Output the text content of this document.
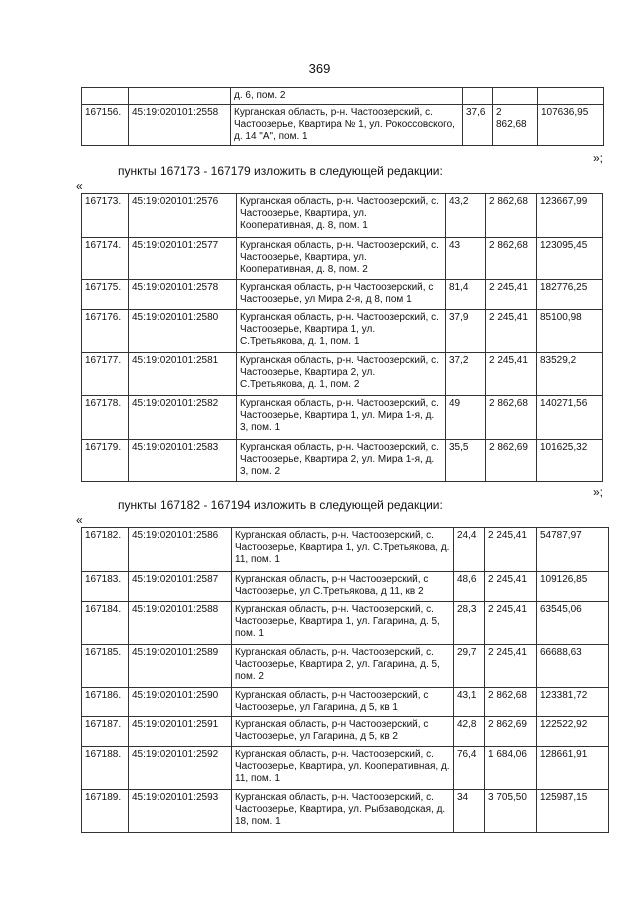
369
		д. 6, пом. 2			
167156.	45:19:020101:2558	Курганская область, р-н. Частоозерский, с. Частоозерье, Квартира № 1, ул. Рокоссовского, д. 14 "А", пом. 1	37,6	2 862,68	107636,95
»;
пункты 167173 - 167179 изложить в следующей редакции:
«
167173.	45:19:020101:2576	Курганская область, р-н. Частоозерский, с. Частоозерье, Квартира, ул. Кооперативная, д. 8, пом. 1	43,2	2 862,68	123667,99
167174.	45:19:020101:2577	Курганская область, р-н. Частоозерский, с. Частоозерье, Квартира, ул. Кооперативная, д. 8, пом. 2	43	2 862,68	123095,45
167175.	45:19:020101:2578	Курганская область, р-н Частоозерский, с Частоозерье, ул Мира 2-я, д 8, пом 1	81,4	2 245,41	182776,25
167176.	45:19:020101:2580	Курганская область, р-н. Частоозерский, с. Частоозерье, Квартира 1, ул. С.Третьякова, д. 1, пом. 1	37,9	2 245,41	85100,98
167177.	45:19:020101:2581	Курганская область, р-н. Частоозерский, с. Частоозерье, Квартира 2, ул. С.Третьякова, д. 1, пом. 2	37,2	2 245,41	83529,2
167178.	45:19:020101:2582	Курганская область, р-н. Частоозерский, с. Частоозерье, Квартира 1, ул. Мира 1-я, д. 3, пом. 1	49	2 862,68	140271,56
167179.	45:19:020101:2583	Курганская область, р-н. Частоозерский, с. Частоозерье, Квартира 2, ул. Мира 1-я, д. 3, пом. 2	35,5	2 862,69	101625,32
»;
пункты 167182 - 167194 изложить в следующей редакции:
«
167182.	45:19:020101:2586	Курганская область, р-н. Частоозерский, с. Частоозерье, Квартира 1, ул. С.Третьякова, д. 11, пом. 1	24,4	2 245,41	54787,97
167183.	45:19:020101:2587	Курганская область, р-н Частоозерский, с Частоозерье, ул С.Третьякова, д 11, кв 2	48,6	2 245,41	109126,85
167184.	45:19:020101:2588	Курганская область, р-н. Частоозерский, с. Частоозерье, Квартира 1, ул. Гагарина, д. 5, пом. 1	28,3	2 245,41	63545,06
167185.	45:19:020101:2589	Курганская область, р-н. Частоозерский, с. Частоозерье, Квартира 2, ул. Гагарина, д. 5, пом. 2	29,7	2 245,41	66688,63
167186.	45:19:020101:2590	Курганская область, р-н Частоозерский, с Частоозерье, ул Гагарина, д 5, кв 1	43,1	2 862,68	123381,72
167187.	45:19:020101:2591	Курганская область, р-н Частоозерский, с Частоозерье, ул Гагарина, д 5, кв 2	42,8	2 862,69	122522,92
167188.	45:19:020101:2592	Курганская область, р-н. Частоозерский, с. Частоозерье, Квартира, ул. Кооперативная, д. 11, пом. 1	76,4	1 684,06	128661,91
167189.	45:19:020101:2593	Курганская область, р-н. Частоозерский, с. Частоозерье, Квартира, ул. Рыбзаводская, д. 18, пом. 1	34	3 705,50	125987,15
